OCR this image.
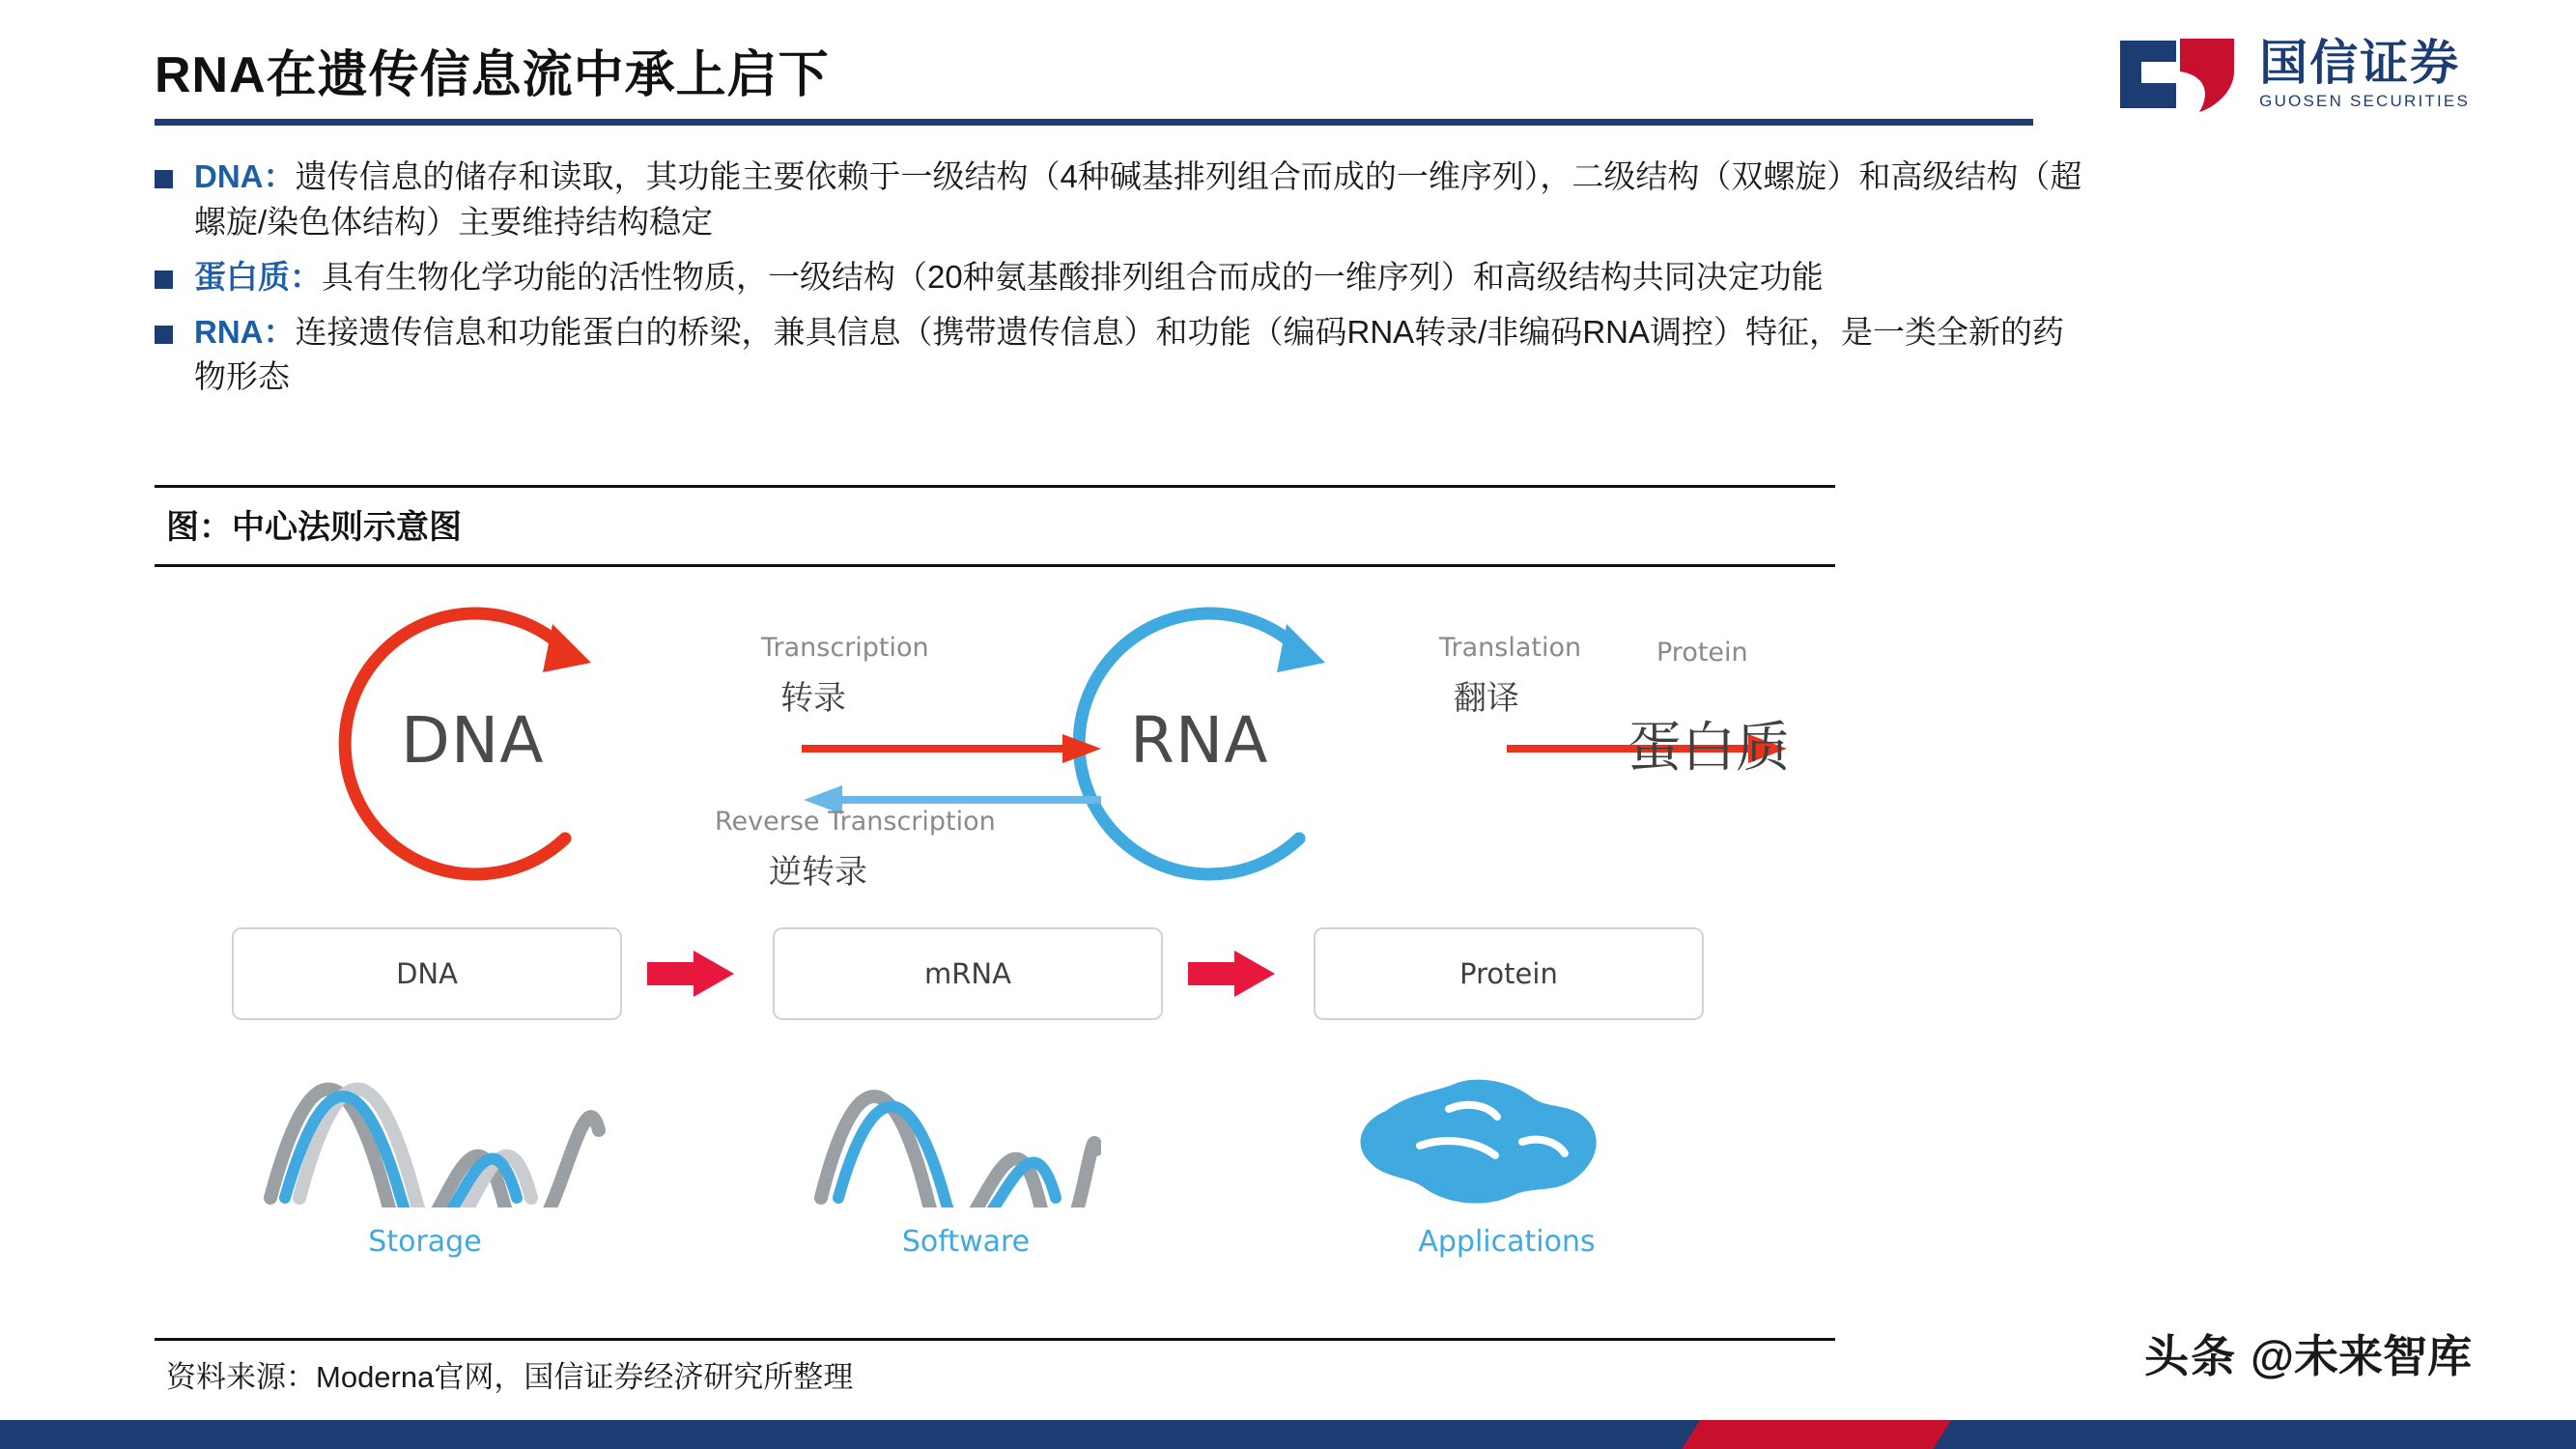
RNA在遗传信息流中承上启下	国信证券
GUOSEN SECURITIES
DNA：遗传信息的储存和读取，其功能主要依赖于一级结构（4种碱基排列组合而成的一维序列），二级结构（双螺旋）和高级结构（超螺旋/染色体结构）主要维持结构稳定
蛋白质：具有生物化学功能的活性物质，一级结构（20种氨基酸排列组合而成的一维序列）和高级结构共同决定功能
RNA：连接遗传信息和功能蛋白的桥梁，兼具信息（携带遗传信息）和功能（编码RNA转录/非编码RNA调控）特征，是一类全新的药物形态
图：中心法则示意图
DNA	RNA
Protein
蛋白质
Transcription
转录
Reverse Transcription
逆转录
Translation
翻译
DNA	mRNA	Protein
Storage	Software	Applications
资料来源：Moderna官网，国信证券经济研究所整理	头条 @未来智库
